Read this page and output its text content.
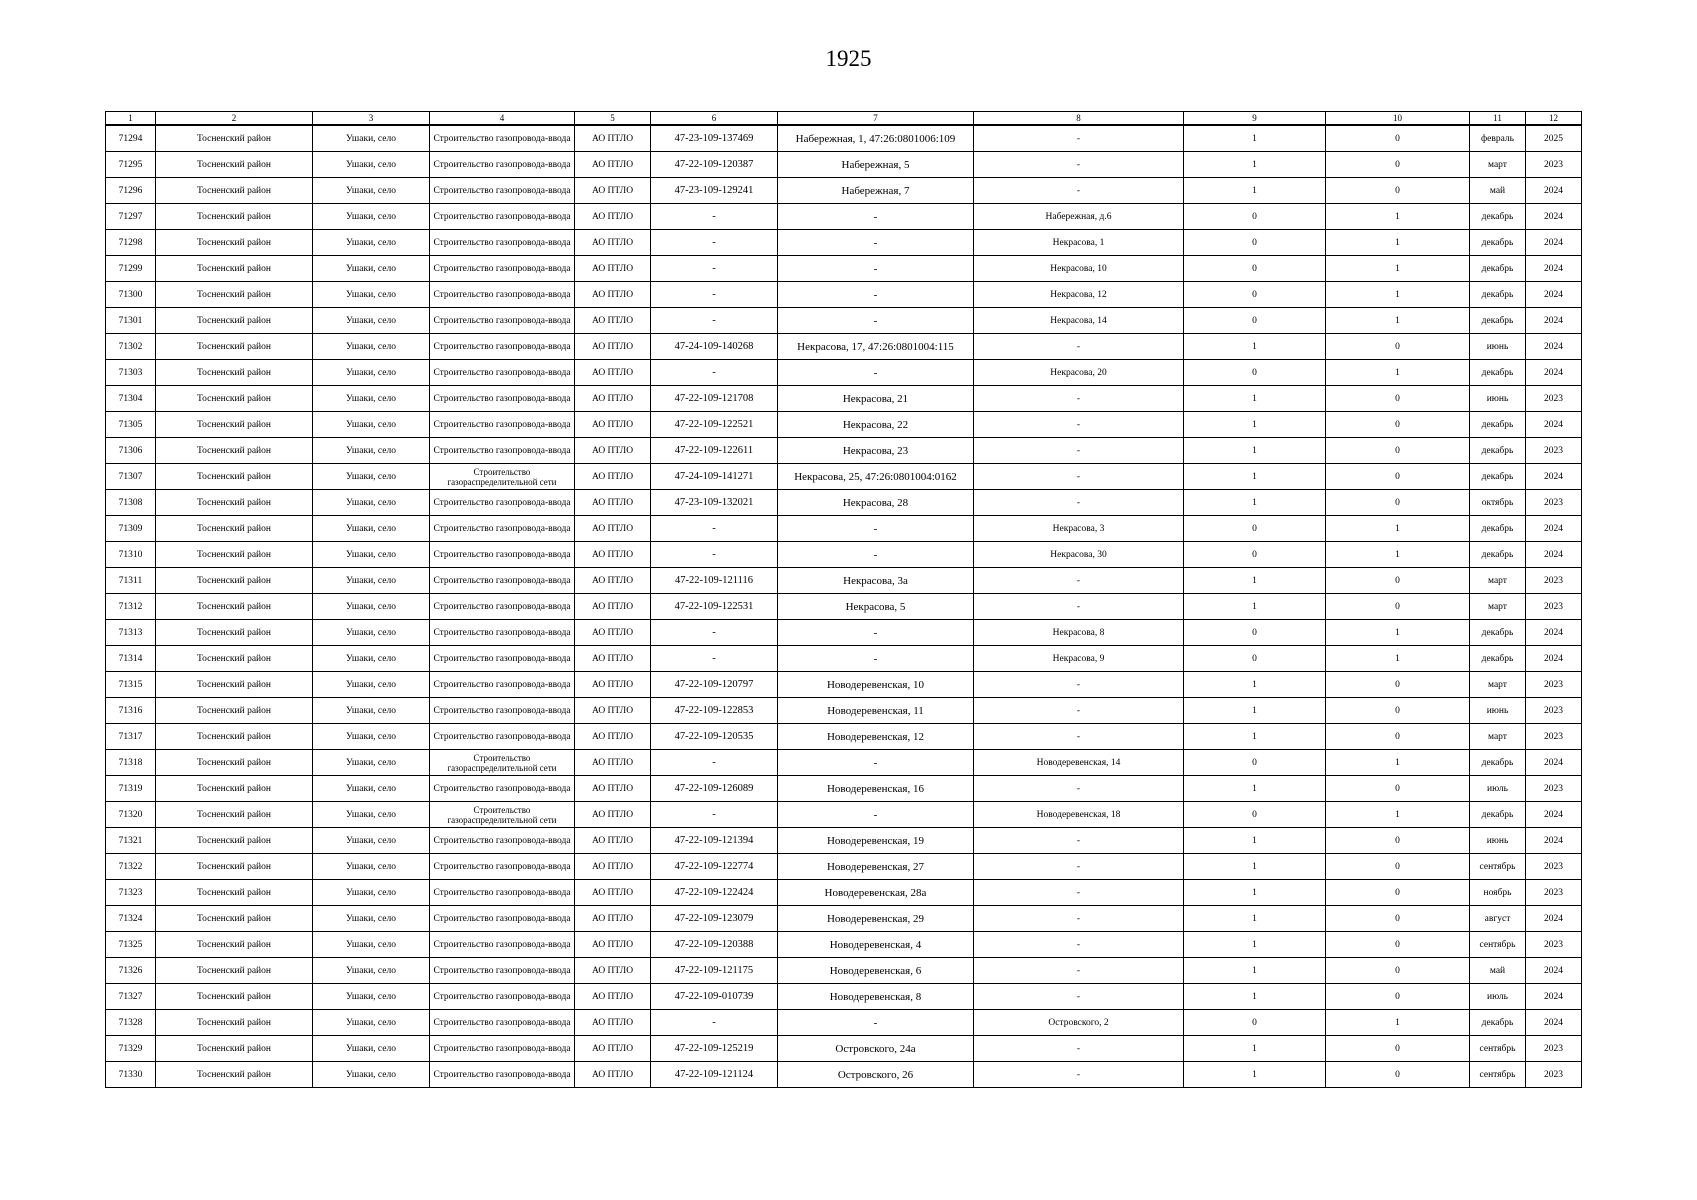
1925
1	2	3	4	5	6	7	8	9	10	11	12
71294	Тосненский район	Ушаки, село	Строительство газопровода-ввода	АО ПТЛО	47-23-109-137469	Набережная, 1, 47:26:0801006:109	-	1	0	февраль	2025
71295	Тосненский район	Ушаки, село	Строительство газопровода-ввода	АО ПТЛО	47-22-109-120387	Набережная, 5	-	1	0	март	2023
71296	Тосненский район	Ушаки, село	Строительство газопровода-ввода	АО ПТЛО	47-23-109-129241	Набережная, 7	-	1	0	май	2024
71297	Тосненский район	Ушаки, село	Строительство газопровода-ввода	АО ПТЛО	-	-	Набережная, д.6	0	1	декабрь	2024
71298	Тосненский район	Ушаки, село	Строительство газопровода-ввода	АО ПТЛО	-	-	Некрасова, 1	0	1	декабрь	2024
71299	Тосненский район	Ушаки, село	Строительство газопровода-ввода	АО ПТЛО	-	-	Некрасова, 10	0	1	декабрь	2024
71300	Тосненский район	Ушаки, село	Строительство газопровода-ввода	АО ПТЛО	-	-	Некрасова, 12	0	1	декабрь	2024
71301	Тосненский район	Ушаки, село	Строительство газопровода-ввода	АО ПТЛО	-	-	Некрасова, 14	0	1	декабрь	2024
71302	Тосненский район	Ушаки, село	Строительство газопровода-ввода	АО ПТЛО	47-24-109-140268	Некрасова, 17, 47:26:0801004:115	-	1	0	июнь	2024
71303	Тосненский район	Ушаки, село	Строительство газопровода-ввода	АО ПТЛО	-	-	Некрасова, 20	0	1	декабрь	2024
71304	Тосненский район	Ушаки, село	Строительство газопровода-ввода	АО ПТЛО	47-22-109-121708	Некрасова, 21	-	1	0	июнь	2023
71305	Тосненский район	Ушаки, село	Строительство газопровода-ввода	АО ПТЛО	47-22-109-122521	Некрасова, 22	-	1	0	декабрь	2024
71306	Тосненский район	Ушаки, село	Строительство газопровода-ввода	АО ПТЛО	47-22-109-122611	Некрасова, 23	-	1	0	декабрь	2023
71307	Тосненский район	Ушаки, село	Строительство газораспределительной сети	АО ПТЛО	47-24-109-141271	Некрасова, 25, 47:26:0801004:0162	-	1	0	декабрь	2024
71308	Тосненский район	Ушаки, село	Строительство газопровода-ввода	АО ПТЛО	47-23-109-132021	Некрасова, 28	-	1	0	октябрь	2023
71309	Тосненский район	Ушаки, село	Строительство газопровода-ввода	АО ПТЛО	-	-	Некрасова, 3	0	1	декабрь	2024
71310	Тосненский район	Ушаки, село	Строительство газопровода-ввода	АО ПТЛО	-	-	Некрасова, 30	0	1	декабрь	2024
71311	Тосненский район	Ушаки, село	Строительство газопровода-ввода	АО ПТЛО	47-22-109-121116	Некрасова, 3а	-	1	0	март	2023
71312	Тосненский район	Ушаки, село	Строительство газопровода-ввода	АО ПТЛО	47-22-109-122531	Некрасова, 5	-	1	0	март	2023
71313	Тосненский район	Ушаки, село	Строительство газопровода-ввода	АО ПТЛО	-	-	Некрасова, 8	0	1	декабрь	2024
71314	Тосненский район	Ушаки, село	Строительство газопровода-ввода	АО ПТЛО	-	-	Некрасова, 9	0	1	декабрь	2024
71315	Тосненский район	Ушаки, село	Строительство газопровода-ввода	АО ПТЛО	47-22-109-120797	Новодеревенская, 10	-	1	0	март	2023
71316	Тосненский район	Ушаки, село	Строительство газопровода-ввода	АО ПТЛО	47-22-109-122853	Новодеревенская, 11	-	1	0	июнь	2023
71317	Тосненский район	Ушаки, село	Строительство газопровода-ввода	АО ПТЛО	47-22-109-120535	Новодеревенская, 12	-	1	0	март	2023
71318	Тосненский район	Ушаки, село	Строительство газораспределительной сети	АО ПТЛО	-	-	Новодеревенская, 14	0	1	декабрь	2024
71319	Тосненский район	Ушаки, село	Строительство газопровода-ввода	АО ПТЛО	47-22-109-126089	Новодеревенская, 16	-	1	0	июль	2023
71320	Тосненский район	Ушаки, село	Строительство газораспределительной сети	АО ПТЛО	-	-	Новодеревенская, 18	0	1	декабрь	2024
71321	Тосненский район	Ушаки, село	Строительство газопровода-ввода	АО ПТЛО	47-22-109-121394	Новодеревенская, 19	-	1	0	июнь	2024
71322	Тосненский район	Ушаки, село	Строительство газопровода-ввода	АО ПТЛО	47-22-109-122774	Новодеревенская, 27	-	1	0	сентябрь	2023
71323	Тосненский район	Ушаки, село	Строительство газопровода-ввода	АО ПТЛО	47-22-109-122424	Новодеревенская, 28а	-	1	0	ноябрь	2023
71324	Тосненский район	Ушаки, село	Строительство газопровода-ввода	АО ПТЛО	47-22-109-123079	Новодеревенская, 29	-	1	0	август	2024
71325	Тосненский район	Ушаки, село	Строительство газопровода-ввода	АО ПТЛО	47-22-109-120388	Новодеревенская, 4	-	1	0	сентябрь	2023
71326	Тосненский район	Ушаки, село	Строительство газопровода-ввода	АО ПТЛО	47-22-109-121175	Новодеревенская, 6	-	1	0	май	2024
71327	Тосненский район	Ушаки, село	Строительство газопровода-ввода	АО ПТЛО	47-22-109-010739	Новодеревенская, 8	-	1	0	июль	2024
71328	Тосненский район	Ушаки, село	Строительство газопровода-ввода	АО ПТЛО	-	-	Островского, 2	0	1	декабрь	2024
71329	Тосненский район	Ушаки, село	Строительство газопровода-ввода	АО ПТЛО	47-22-109-125219	Островского, 24а	-	1	0	сентябрь	2023
71330	Тосненский район	Ушаки, село	Строительство газопровода-ввода	АО ПТЛО	47-22-109-121124	Островского, 26	-	1	0	сентябрь	2023
